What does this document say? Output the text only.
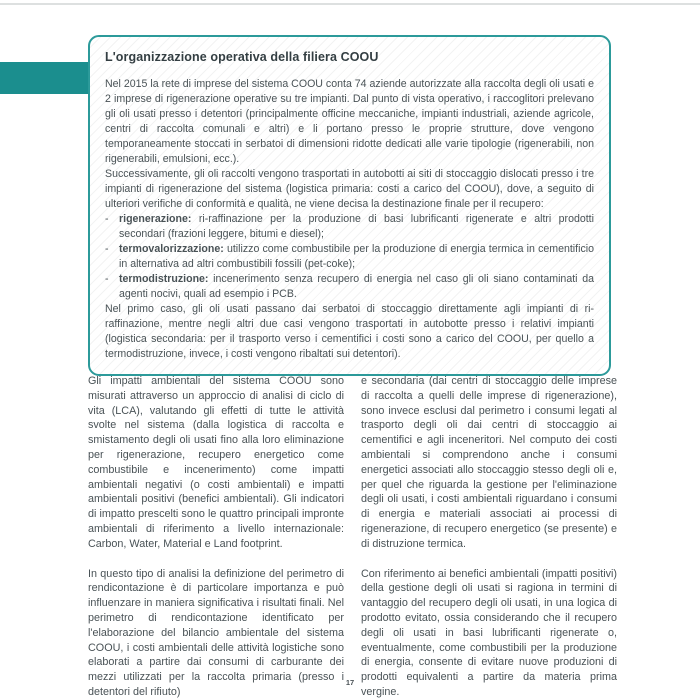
L'organizzazione operativa della filiera COOU

Nel 2015 la rete di imprese del sistema COOU conta 74 aziende autorizzate alla raccolta degli oli usati e 2 imprese di rigenerazione operative su tre impianti. Dal punto di vista operativo, i raccoglitori prelevano gli oli usati presso i detentori (principalmente officine meccaniche, impianti industriali, aziende agricole, centri di raccolta comunali e altri) e li portano presso le proprie strutture, dove vengono temporaneamente stoccati in serbatoi di dimensioni ridotte dedicati alle varie tipologie (rigenerabili, non rigenerabili, emulsioni, ecc.).

Successivamente, gli oli raccolti vengono trasportati in autobotti ai siti di stoccaggio dislocati presso i tre impianti di rigenerazione del sistema (logistica primaria: costi a carico del COOU), dove, a seguito di ulteriori verifiche di conformità e qualità, ne viene decisa la destinazione finale per il recupero:

- rigenerazione: ri-raffinazione per la produzione di basi lubrificanti rigenerate e altri prodotti secondari (frazioni leggere, bitumi e diesel);
- termovalorizzazione: utilizzo come combustibile per la produzione di energia termica in cementificio in alternativa ad altri combustibili fossili (pet-coke);
- termodistruzione: incenerimento senza recupero di energia nel caso gli oli siano contaminati da agenti nocivi, quali ad esempio i PCB.

Nel primo caso, gli oli usati passano dai serbatoi di stoccaggio direttamente agli impianti di ri-raffinazione, mentre negli altri due casi vengono trasportati in autobotte presso i relativi impianti (logistica secondaria: per il trasporto verso i cementifici i costi sono a carico del COOU, per quello a termodistruzione, invece, i costi vengono ribaltati sui detentori).

Gli impatti ambientali del sistema COOU sono misurati attraverso un approccio di analisi di ciclo di vita (LCA), valutando gli effetti di tutte le attività svolte nel sistema (dalla logistica di raccolta e smistamento degli oli usati fino alla loro eliminazione per rigenerazione, recupero energetico come combustibile e incenerimento) come impatti ambientali negativi (o costi ambientali) e impatti ambientali positivi (benefici ambientali). Gli indicatori di impatto prescelti sono le quattro principali impronte ambientali di riferimento a livello internazionale: Carbon, Water, Material e Land footprint.

In questo tipo di analisi la definizione del perimetro di rendicontazione è di particolare importanza e può influenzare in maniera significativa i risultati finali. Nel perimetro di rendicontazione identificato per l'elaborazione del bilancio ambientale del sistema COOU, i costi ambientali delle attività logistiche sono elaborati a partire dai consumi di carburante dei mezzi utilizzati per la raccolta primaria (presso i detentori del rifiuto)

e secondaria (dai centri di stoccaggio delle imprese di raccolta a quelli delle imprese di rigenerazione), sono invece esclusi dal perimetro i consumi legati al trasporto degli oli dai centri di stoccaggio ai cementifici e agli inceneritori. Nel computo dei costi ambientali si comprendono anche i consumi energetici associati allo stoccaggio stesso degli oli e, per quel che riguarda la gestione per l'eliminazione degli oli usati, i costi ambientali riguardano i consumi di energia e materiali associati ai processi di rigenerazione, di recupero energetico (se presente) e di distruzione termica.

Con riferimento ai benefici ambientali (impatti positivi) della gestione degli oli usati si ragiona in termini di vantaggio del recupero degli oli usati, in una logica di prodotto evitato, ossia considerando che il recupero degli oli usati in basi lubrificanti rigenerate o, eventualmente, come combustibili per la produzione di energia, consente di evitare nuove produzioni di prodotti equivalenti a partire da materia prima vergine.

17
